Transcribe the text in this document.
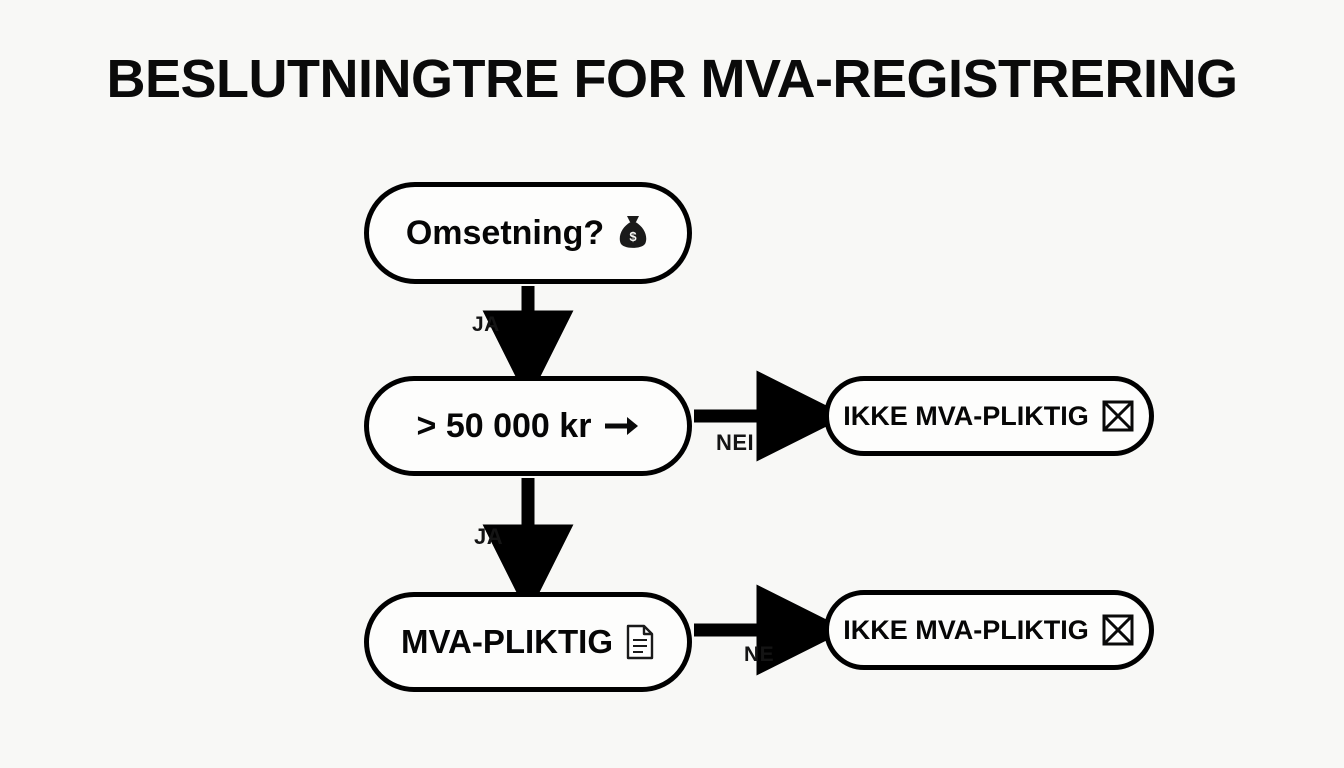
BESLUTNINGTRE FOR MVA-REGISTRERING
JA
NEI
JA
NE
Omsetning? $
> 50 000 kr
MVA-PLIKTIG
IKKE MVA-PLIKTIG
IKKE MVA-PLIKTIG
